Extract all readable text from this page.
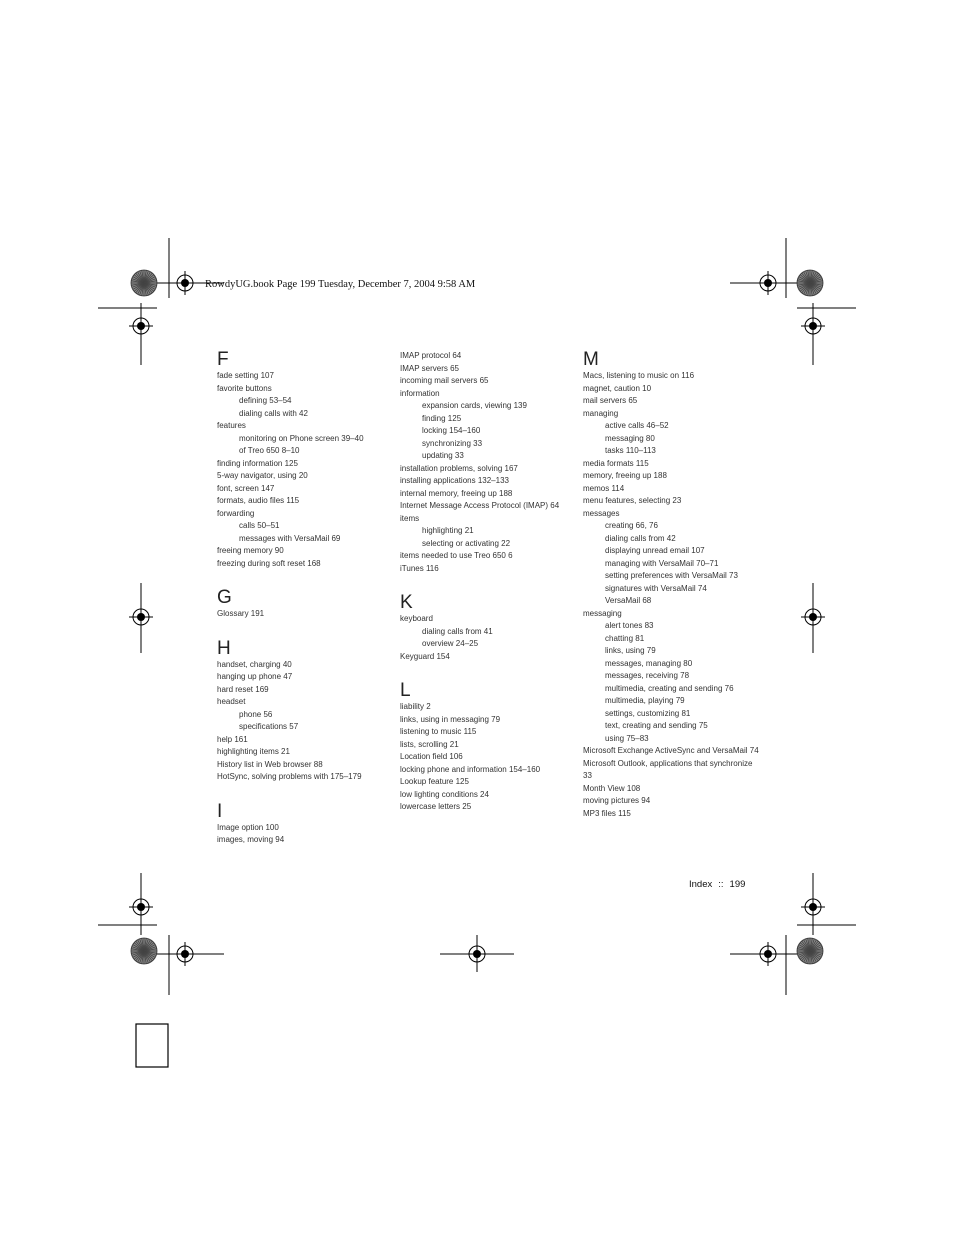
RowdyUG.book Page 199 Tuesday, December 7, 2004 9:58 AM
F
fade setting 107
favorite buttons
defining 53–54
dialing calls with 42
features
monitoring on Phone screen 39–40
of Treo 650 8–10
finding information 125
5-way navigator, using 20
font, screen 147
formats, audio files 115
forwarding
calls 50–51
messages with VersaMail 69
freeing memory 90
freezing during soft reset 168
G
Glossary 191
H
handset, charging 40
hanging up phone 47
hard reset 169
headset
phone 56
specifications 57
help 161
highlighting items 21
History list in Web browser 88
HotSync, solving problems with 175–179
I
Image option 100
images, moving 94
IMAP protocol 64
IMAP servers 65
incoming mail servers 65
information
expansion cards, viewing 139
finding 125
locking 154–160
synchronizing 33
updating 33
installation problems, solving 167
installing applications 132–133
internal memory, freeing up 188
Internet Message Access Protocol (IMAP) 64
items
highlighting 21
selecting or activating 22
items needed to use Treo 650 6
iTunes 116
K
keyboard
dialing calls from 41
overview 24–25
Keyguard 154
L
liability 2
links, using in messaging 79
listening to music 115
lists, scrolling 21
Location field 106
locking phone and information 154–160
Lookup feature 125
low lighting conditions 24
lowercase letters 25
M
Macs, listening to music on 116
magnet, caution 10
mail servers 65
managing
active calls 46–52
messaging 80
tasks 110–113
media formats 115
memory, freeing up 188
memos 114
menu features, selecting 23
messages
creating 66, 76
dialing calls from 42
displaying unread email 107
managing with VersaMail 70–71
setting preferences with VersaMail 73
signatures with VersaMail 74
VersaMail 68
messaging
alert tones 83
chatting 81
links, using 79
messages, managing 80
messages, receiving 78
multimedia, creating and sending 76
multimedia, playing 79
settings, customizing 81
text, creating and sending 75
using 75–83
Microsoft Exchange ActiveSync and VersaMail 74
Microsoft Outlook, applications that synchronize 33
Month View 108
moving pictures 94
MP3 files 115
Index :: 199
